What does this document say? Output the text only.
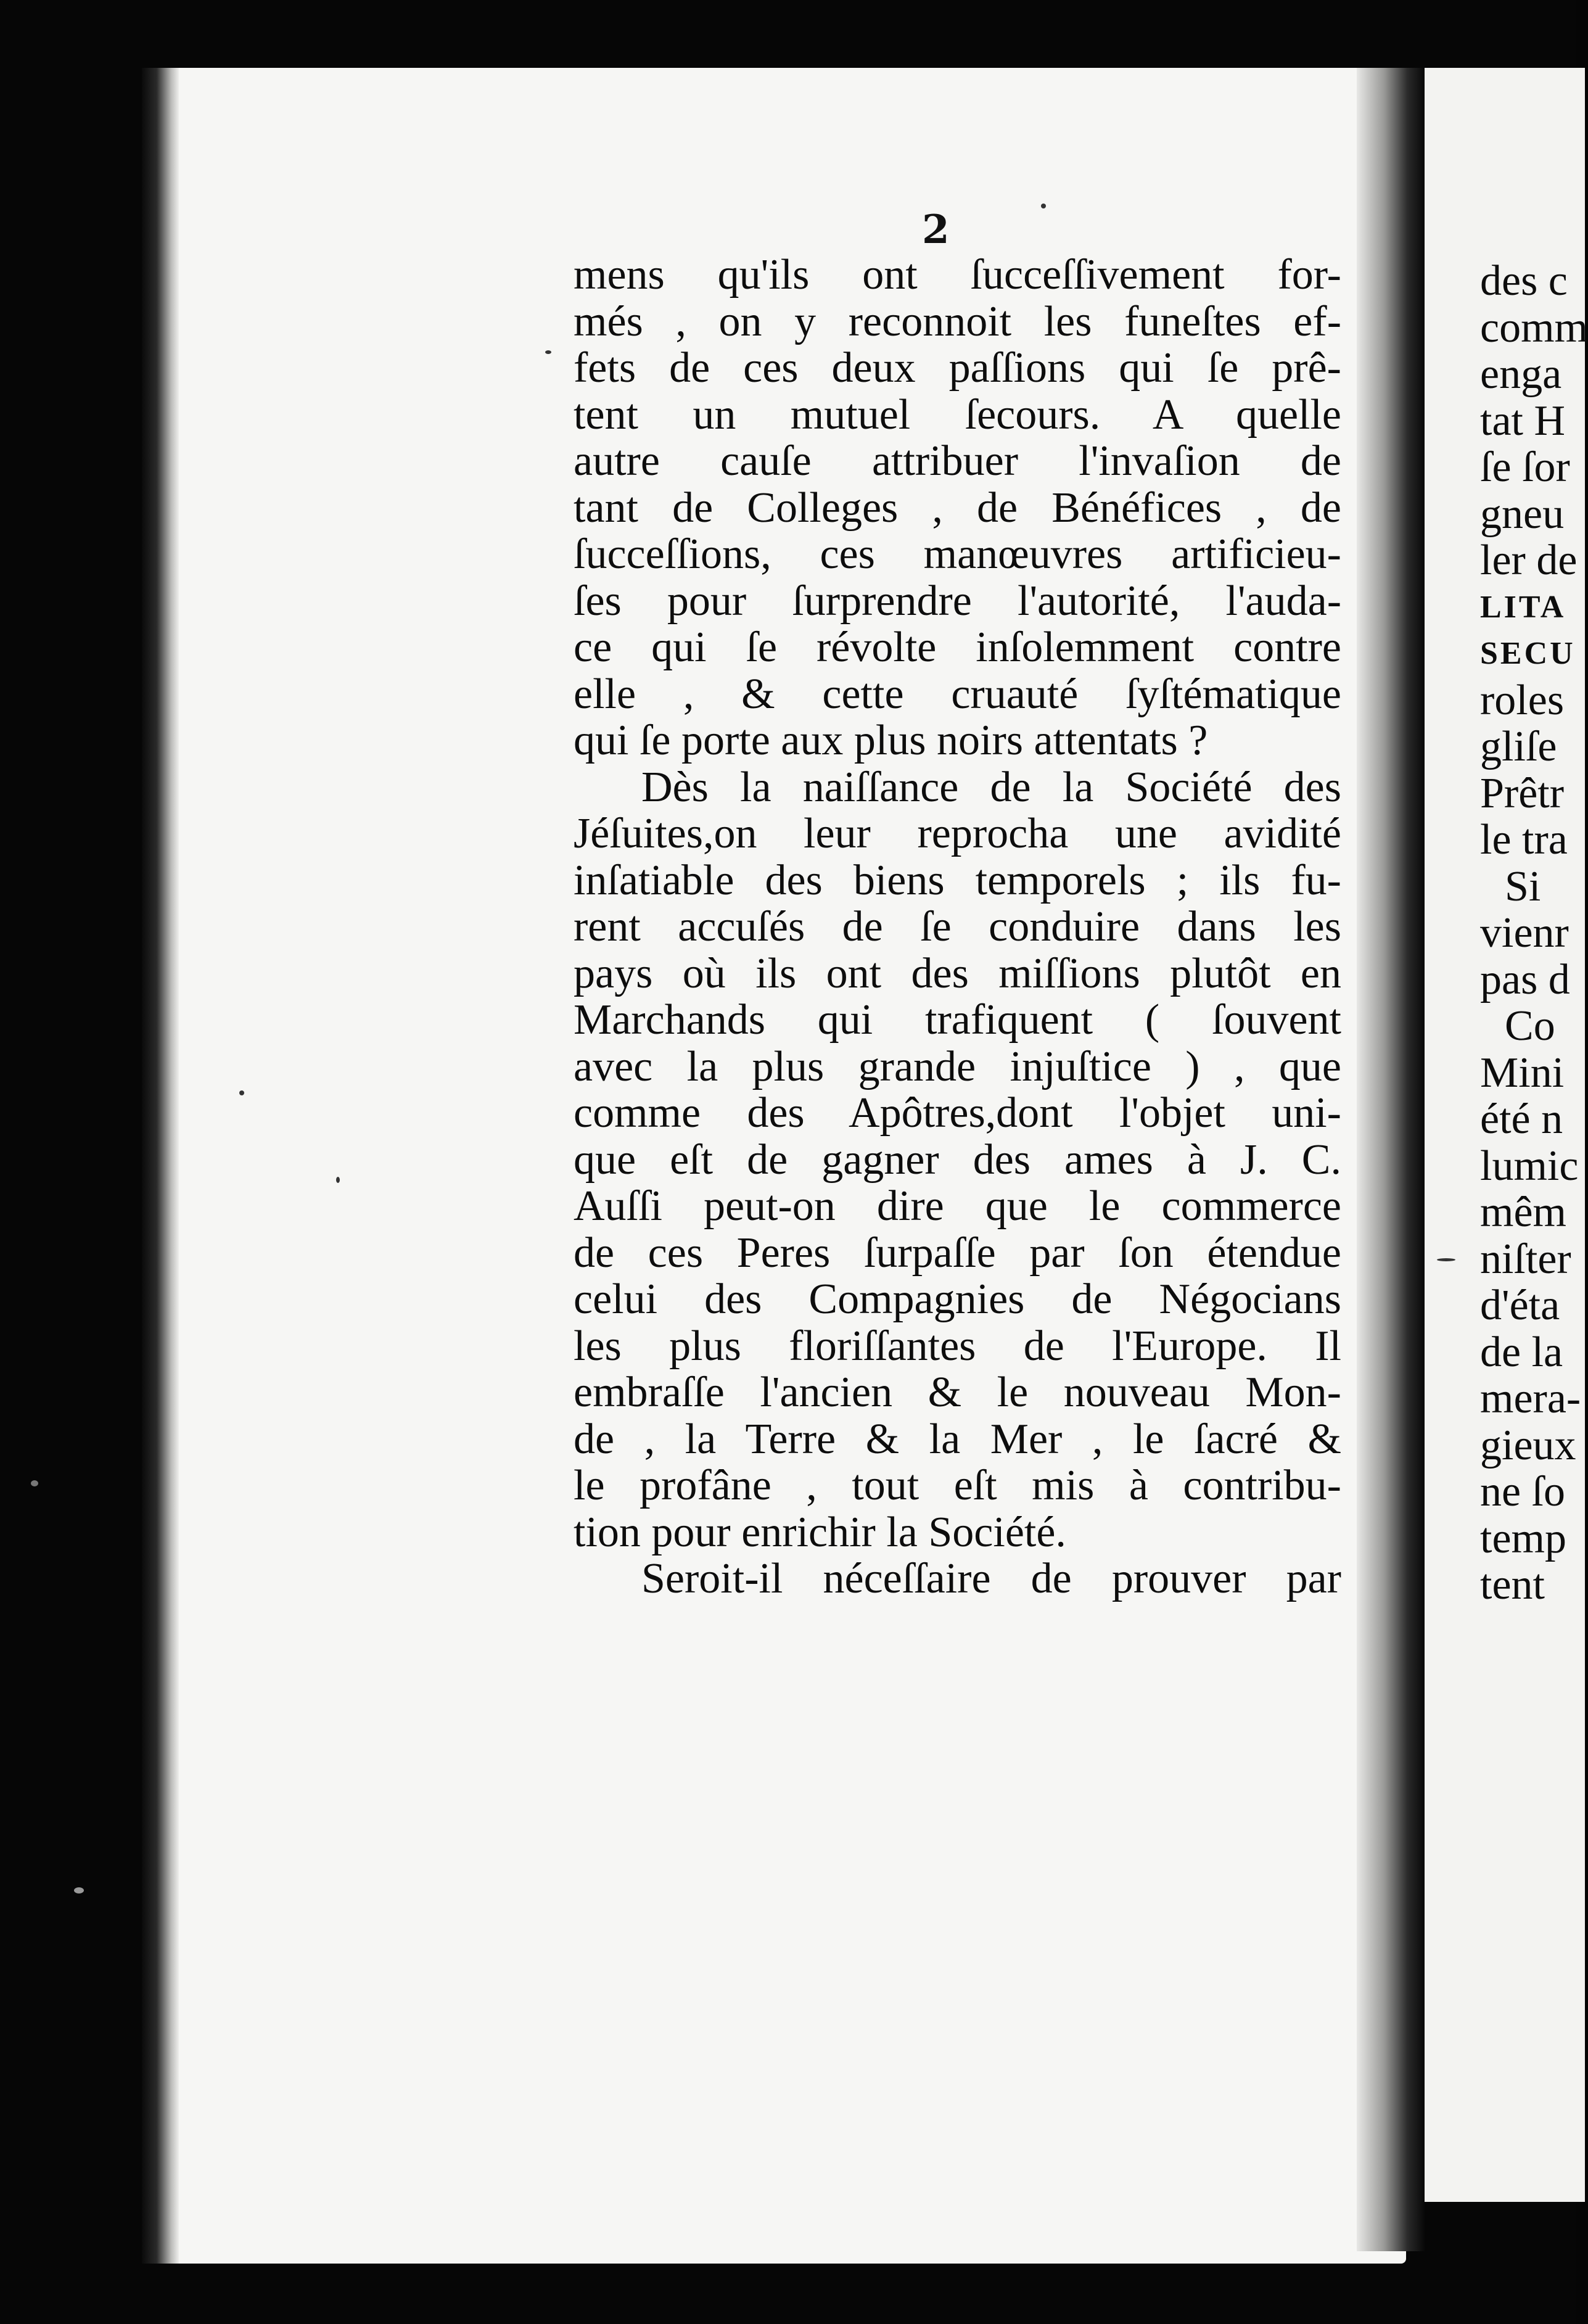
2
mens qu'ils ont ſucceſſivement for-
més , on y reconnoit les funeſtes ef-
fets de ces deux paſſions qui ſe prê-
tent un mutuel ſecours. A quelle
autre cauſe attribuer l'invaſion de
tant de Colleges , de Bénéfices , de
ſucceſſions, ces manœuvres artificieu-
ſes pour ſurprendre l'autorité, l'auda-
ce qui ſe révolte inſolemment contre
elle , & cette cruauté ſyſtématique
qui ſe porte aux plus noirs attentats ?
Dès la naiſſance de la Société des
Jéſuites,on leur reprocha une avidité
inſatiable des biens temporels ; ils fu-
rent accuſés de ſe conduire dans les
pays où ils ont des miſſions plutôt en
Marchands qui trafiquent ( ſouvent
avec la plus grande injuſtice ) , que
comme des Apôtres,dont l'objet uni-
que eſt de gagner des ames à J. C.
Auſſi peut-on dire que le commerce
de ces Peres ſurpaſſe par ſon étendue
celui des Compagnies de Négocians
les plus floriſſantes de l'Europe. Il
embraſſe l'ancien & le nouveau Mon-
de , la Terre & la Mer , le ſacré &
le profâne , tout eſt mis à contribu-
tion pour enrichir la Société.
Seroit-il néceſſaire de prouver par
des c
comm
enga
tat H
ſe ſor
gneu
ler de
LITA
SECU
roles
gliſe
Prêtr
le tra
Si
vienr
pas d
Co
Mini
été n
lumic
mêm
niſter
d'éta
de la
mera-
gieux
ne ſo
temp
tent
